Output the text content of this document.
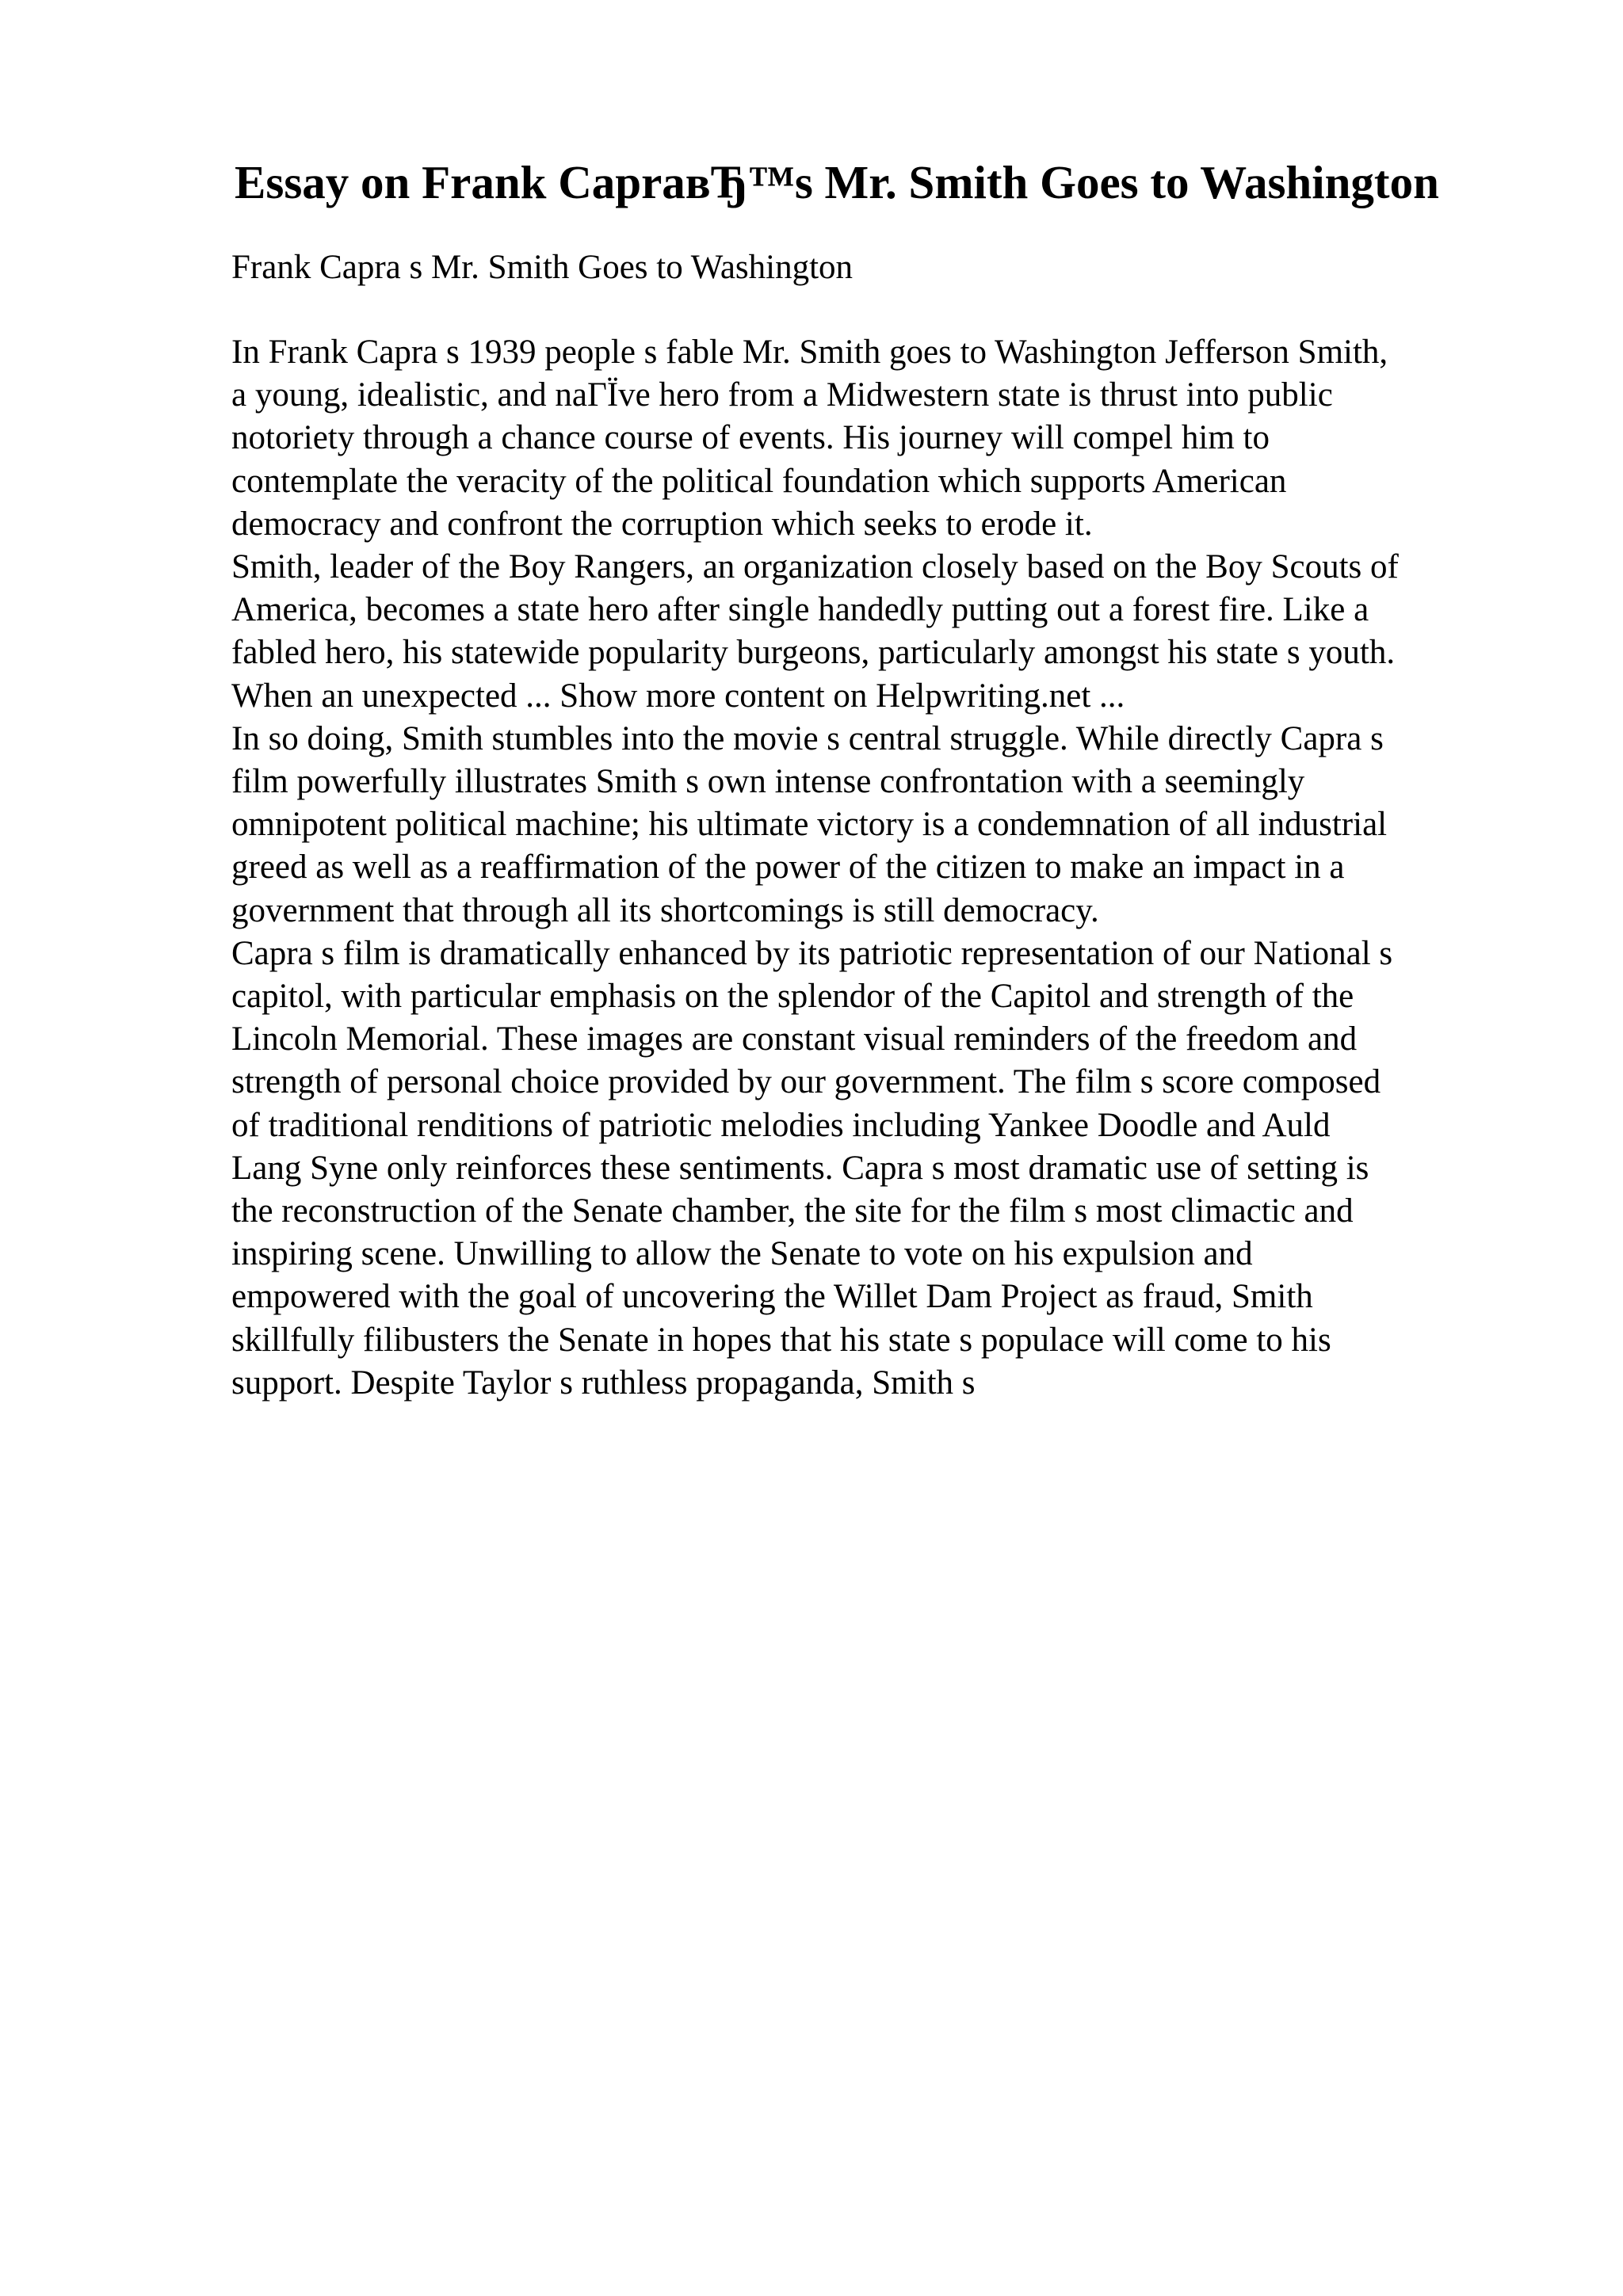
Essay on Frank CapraвЂ™s Mr. Smith Goes to Washington

Frank Capra s Mr. Smith Goes to Washington

In Frank Capra s 1939 people s fable Mr. Smith goes to Washington Jefferson Smith,
a young, idealistic, and naГЇve hero from a Midwestern state is thrust into public
notoriety through a chance course of events. His journey will compel him to
contemplate the veracity of the political foundation which supports American
democracy and confront the corruption which seeks to erode it.

Smith, leader of the Boy Rangers, an organization closely based on the Boy Scouts of
America, becomes a state hero after single handedly putting out a forest fire. Like a
fabled hero, his statewide popularity burgeons, particularly amongst his state s youth.
When an unexpected ... Show more content on Helpwriting.net ...

In so doing, Smith stumbles into the movie s central struggle. While directly Capra s
film powerfully illustrates Smith s own intense confrontation with a seemingly
omnipotent political machine; his ultimate victory is a condemnation of all industrial
greed as well as a reaffirmation of the power of the citizen to make an impact in a
government that through all its shortcomings is still democracy.

Capra s film is dramatically enhanced by its patriotic representation of our National s
capitol, with particular emphasis on the splendor of the Capitol and strength of the
Lincoln Memorial. These images are constant visual reminders of the freedom and
strength of personal choice provided by our government. The film s score composed
of traditional renditions of patriotic melodies including Yankee Doodle and Auld
Lang Syne only reinforces these sentiments. Capra s most dramatic use of setting is
the reconstruction of the Senate chamber, the site for the film s most climactic and
inspiring scene. Unwilling to allow the Senate to vote on his expulsion and
empowered with the goal of uncovering the Willet Dam Project as fraud, Smith
skillfully filibusters the Senate in hopes that his state s populace will come to his
support. Despite Taylor s ruthless propaganda, Smith s
